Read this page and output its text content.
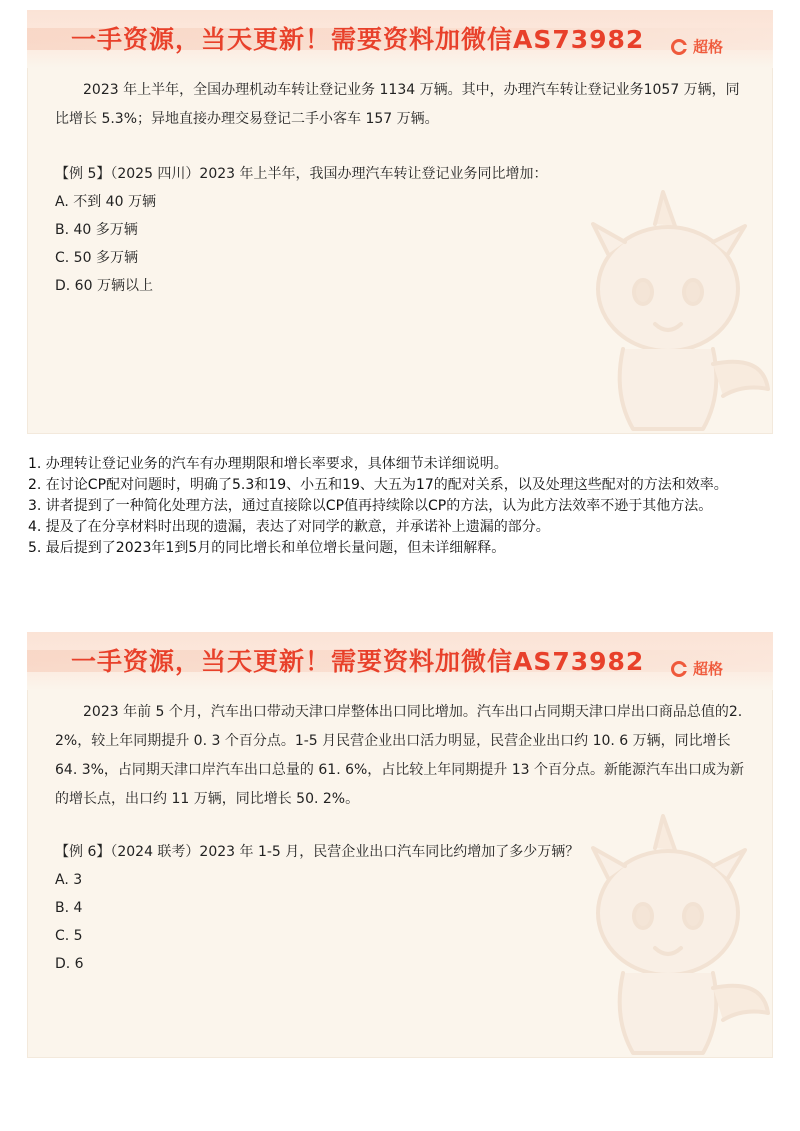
一手资源，当天更新！需要资料加微信AS73982	超格
2023 年上半年，全国办理机动车转让登记业务 1134 万辆。其中，办理汽车转让登记业务1057 万辆，同比增长 5.3%；异地直接办理交易登记二手小客车 157 万辆。

【例 5】（2025 四川）2023 年上半年，我国办理汽车转让登记业务同比增加：

A. 不到 40 万辆

B. 40 多万辆

C. 50 多万辆

D. 60 万辆以上

1. 办理转让登记业务的汽车有办理期限和增长率要求，具体细节未详细说明。

2. 在讨论CP配对问题时，明确了5.3和19、小五和19、大五为17的配对关系，以及处理这些配对的方法和效率。

3. 讲者提到了一种简化处理方法，通过直接除以CP值再持续除以CP的方法，认为此方法效率不逊于其他方法。

4. 提及了在分享材料时出现的遗漏，表达了对同学的歉意，并承诺补上遗漏的部分。

5. 最后提到了2023年1到5月的同比增长和单位增长量问题，但未详细解释。

一手资源，当天更新！需要资料加微信AS73982	超格
2023 年前 5 个月，汽车出口带动天津口岸整体出口同比增加。汽车出口占同期天津口岸出口商品总值的2. 2%，较上年同期提升 0. 3 个百分点。1-5 月民营企业出口活力明显，民营企业出口约 10. 6 万辆，同比增长 64. 3%，占同期天津口岸汽车出口总量的 61. 6%，占比较上年同期提升 13 个百分点。新能源汽车出口成为新的增长点，出口约 11 万辆，同比增长 50. 2%。

【例 6】（2024 联考）2023 年 1-5 月，民营企业出口汽车同比约增加了多少万辆？

A. 3

B. 4

C. 5

D. 6
